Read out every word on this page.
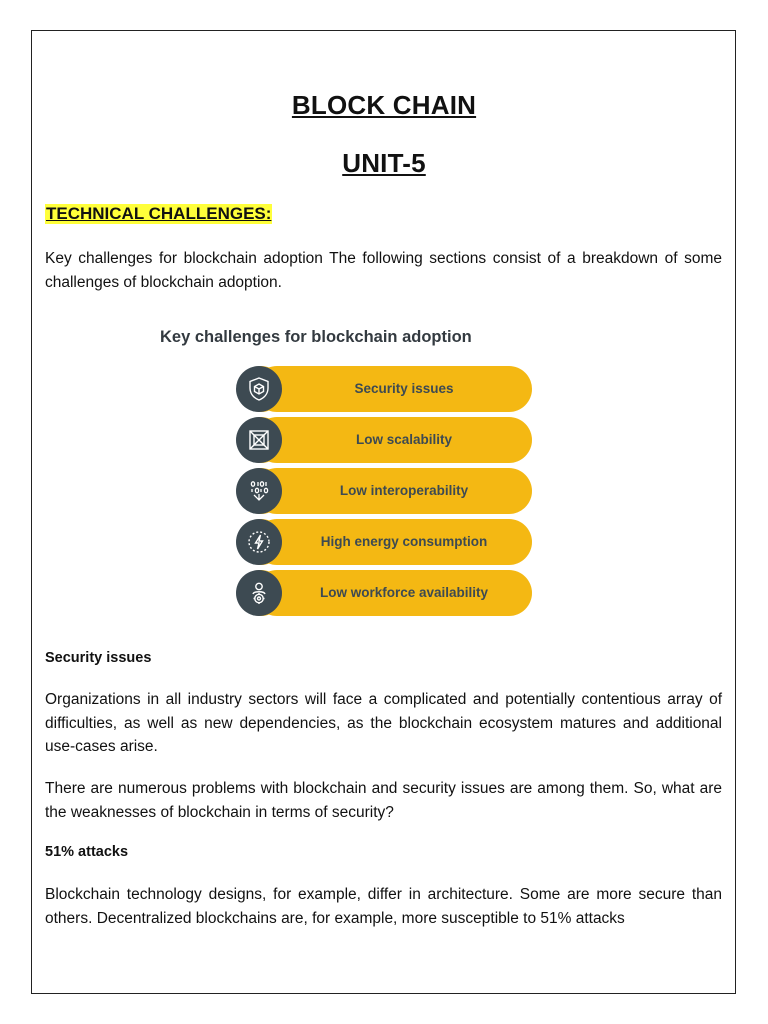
BLOCK CHAIN
UNIT-5
TECHNICAL CHALLENGES:

Key challenges for blockchain adoption The following sections consist of a breakdown of some challenges of blockchain adoption.

Key challenges for blockchain adoption
Security issues
Low scalability
Low interoperability
High energy consumption
Low workforce availability
Security issues

Organizations in all industry sectors will face a complicated and potentially contentious array of difficulties, as well as new dependencies, as the blockchain ecosystem matures and additional use-cases arise.

There are numerous problems with blockchain and security issues are among them. So, what are the weaknesses of blockchain in terms of security?

51% attacks

Blockchain technology designs, for example, differ in architecture. Some are more secure than others. Decentralized blockchains are, for example, more susceptible to 51% attacks
